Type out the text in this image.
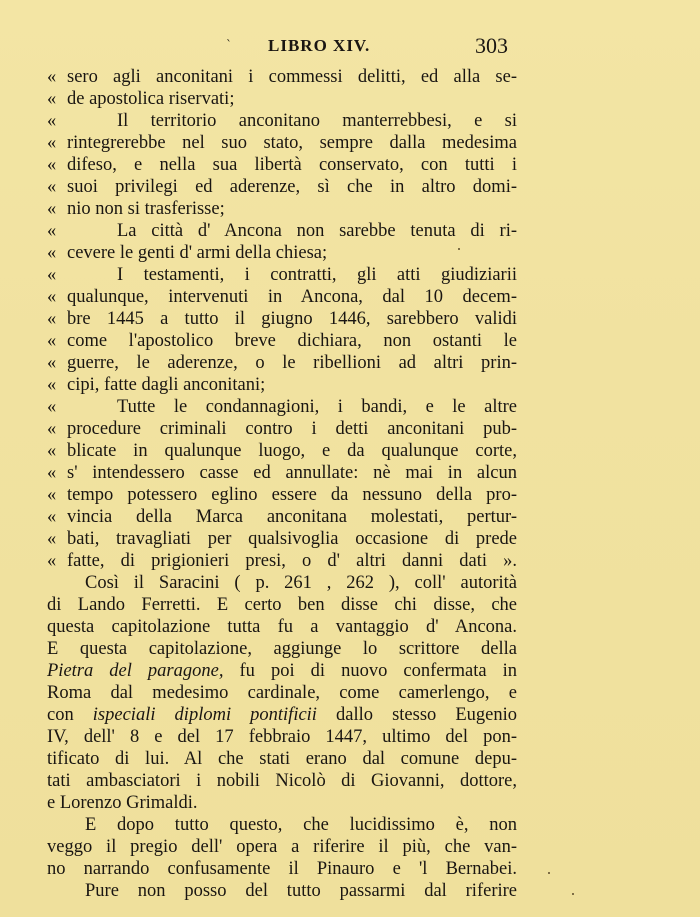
` LIBRO XIV.	303
« sero agli anconitani i commessi delitti, ed alla se-
« de apostolica riservati;
«	Il territorio anconitano manterrebbesi, e si
« rintegrerebbe nel suo stato, sempre dalla medesima
« difeso, e nella sua libertà conservato, con tutti i
« suoi privilegi ed aderenze, sì che in altro domi-
« nio non si trasferisse;
«	La città d' Ancona non sarebbe tenuta di ri-
« cevere le genti d' armi della chiesa;
«	I testamenti, i contratti, gli atti giudiziarii
« qualunque, intervenuti in Ancona, dal 10 decem-
« bre 1445 a tutto il giugno 1446, sarebbero validi
« come l'apostolico breve dichiara, non ostanti le
« guerre, le aderenze, o le ribellioni ad altri prin-
« cipi, fatte dagli anconitani;
«	Tutte le condannagioni, i bandi, e le altre
« procedure criminali contro i detti anconitani pub-
« blicate in qualunque luogo, e da qualunque corte,
« s' intendessero casse ed annullate: nè mai in alcun
« tempo potessero eglino essere da nessuno della pro-
« vincia della Marca anconitana molestati, pertur-
« bati, travagliati per qualsivoglia occasione di prede
« fatte, di prigionieri presi, o d' altri danni dati ».
Così il Saracini ( p. 261 , 262 ), coll' autorità
di Lando Ferretti. E certo ben disse chi disse, che
questa capitolazione tutta fu a vantaggio d' Ancona.
E questa capitolazione, aggiunge lo scrittore della
Pietra del paragone, fu poi di nuovo confermata in
Roma dal medesimo cardinale, come camerlengo, e
con ispeciali diplomi pontificii dallo stesso Eugenio
IV, dell' 8 e del 17 febbraio 1447, ultimo del pon-
tificato di lui. Al che stati erano dal comune depu-
tati ambasciatori i nobili Nicolò di Giovanni, dottore,
e Lorenzo Grimaldi.
E dopo tutto questo, che lucidissimo è, non
veggo il pregio dell' opera a riferire il più, che van-
no narrando confusamente il Pinauro e 'l Bernabei.
Pure non posso del tutto passarmi dal riferire
